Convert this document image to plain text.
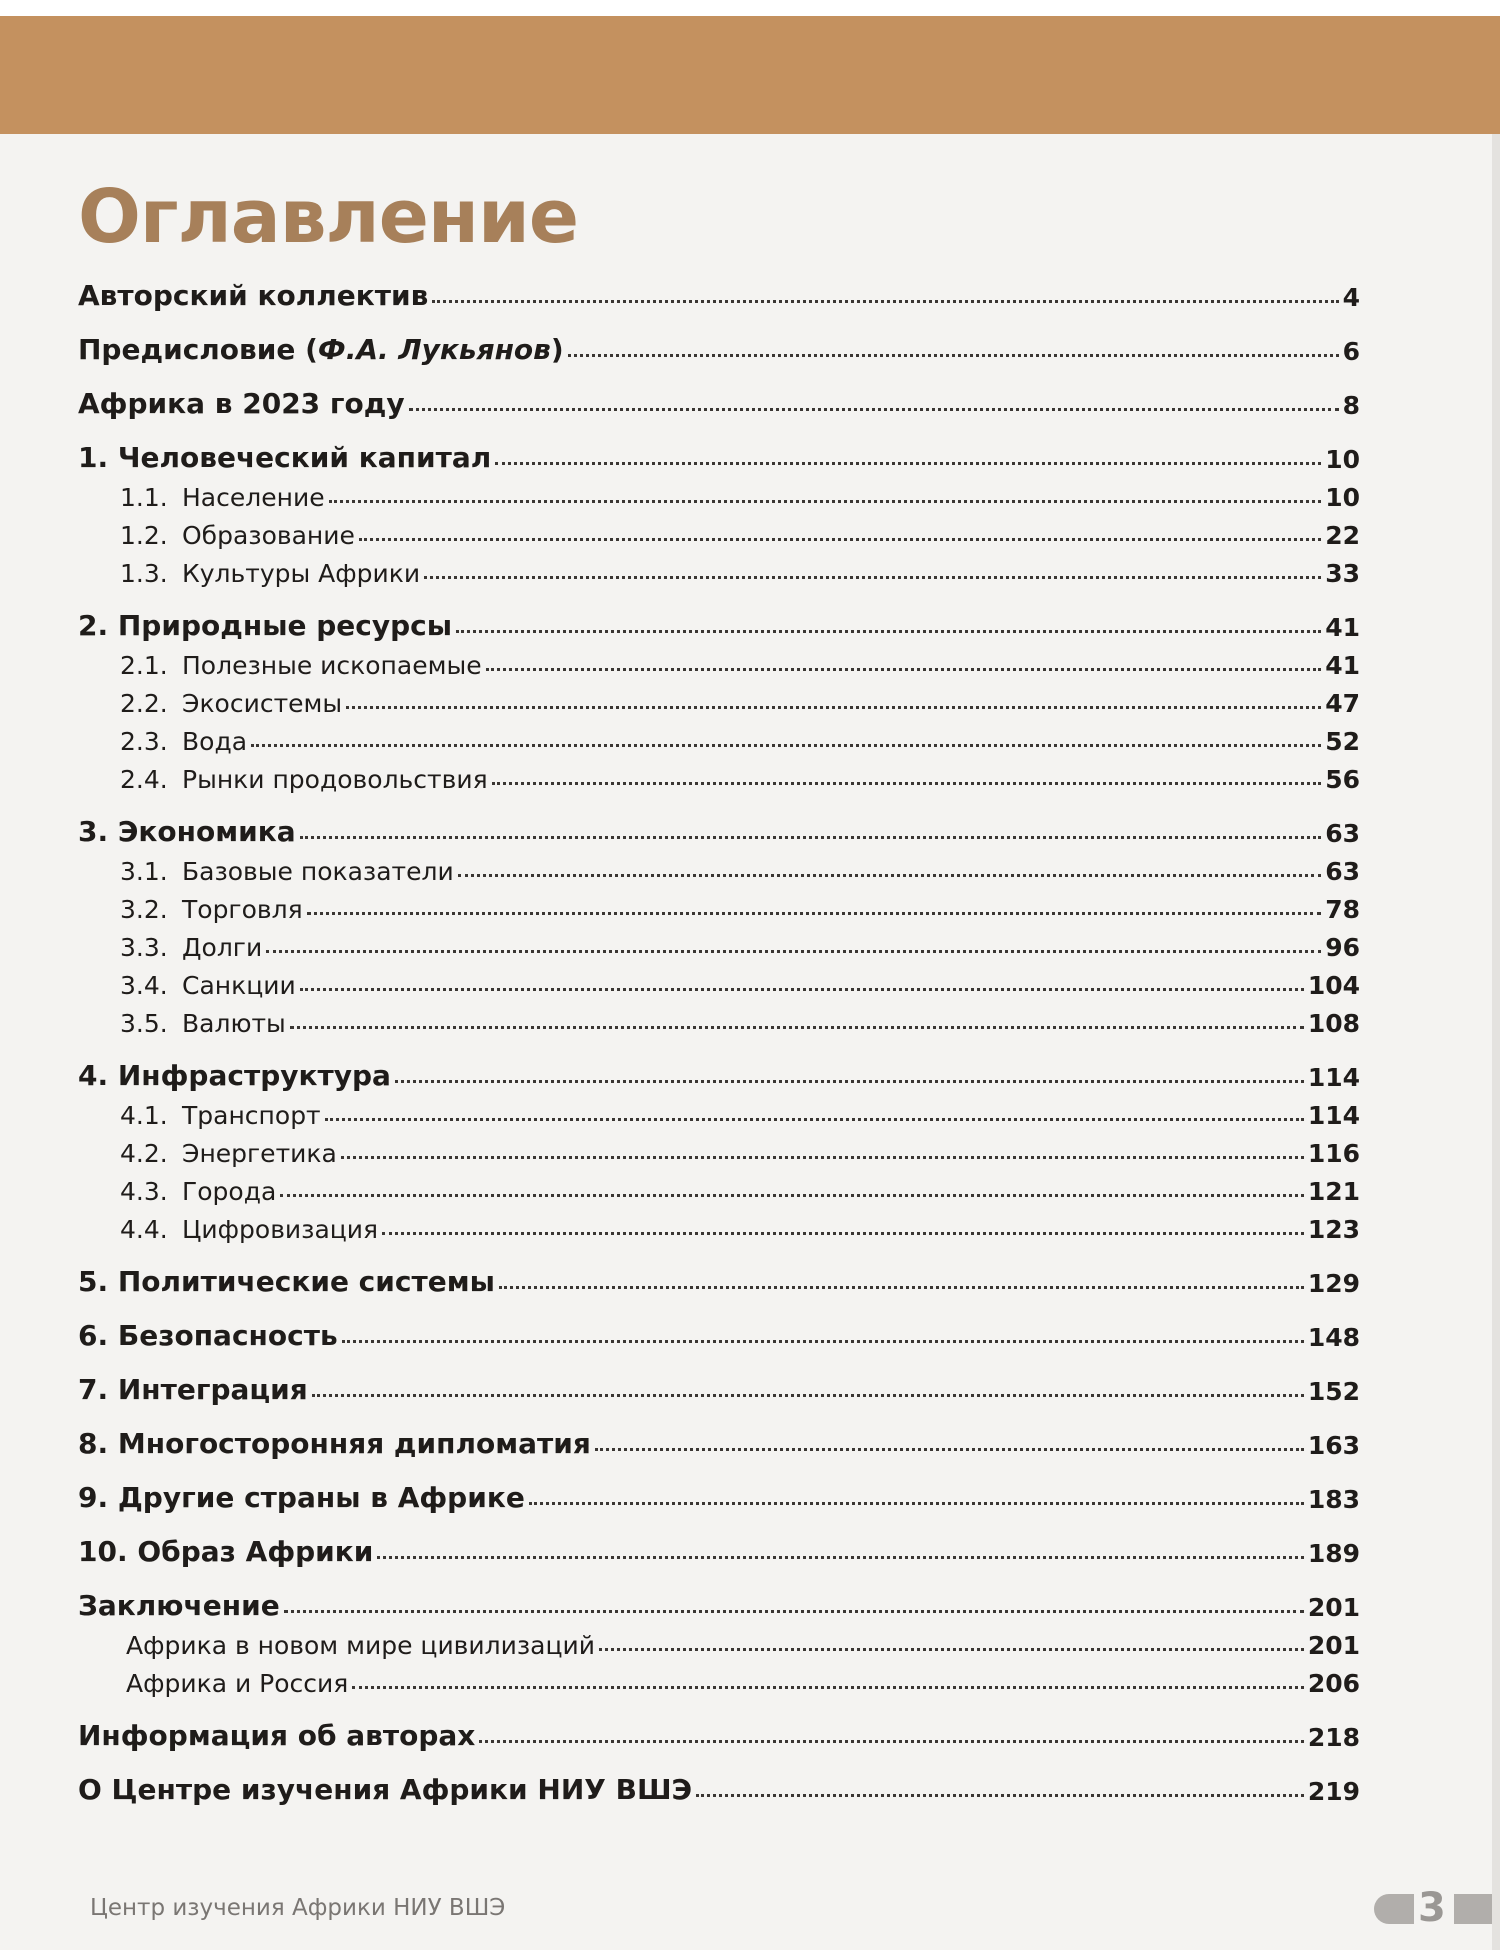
Оглавление
Авторский коллектив	4
Предисловие (Ф.А. Лукьянов)	6
Африка в 2023 году	8
1. Человеческий капитал	10
1.1. Население	10
1.2. Образование	22
1.3. Культуры Африки	33
2. Природные ресурсы	41
2.1. Полезные ископаемые	41
2.2. Экосистемы	47
2.3. Вода	52
2.4. Рынки продовольствия	56
3. Экономика	63
3.1. Базовые показатели	63
3.2. Торговля	78
3.3. Долги	96
3.4. Санкции	104
3.5. Валюты	108
4. Инфраструктура	114
4.1. Транспорт	114
4.2. Энергетика	116
4.3. Города	121
4.4. Цифровизация	123
5. Политические системы	129
6. Безопасность	148
7. Интеграция	152
8. Многосторонняя дипломатия	163
9. Другие страны в Африке	183
10. Образ Африки	189
Заключение	201
Африка в новом мире цивилизаций	201
Африка и Россия	206
Информация об авторах	218
О Центре изучения Африки НИУ ВШЭ	219
Центр изучения Африки НИУ ВШЭ	3
